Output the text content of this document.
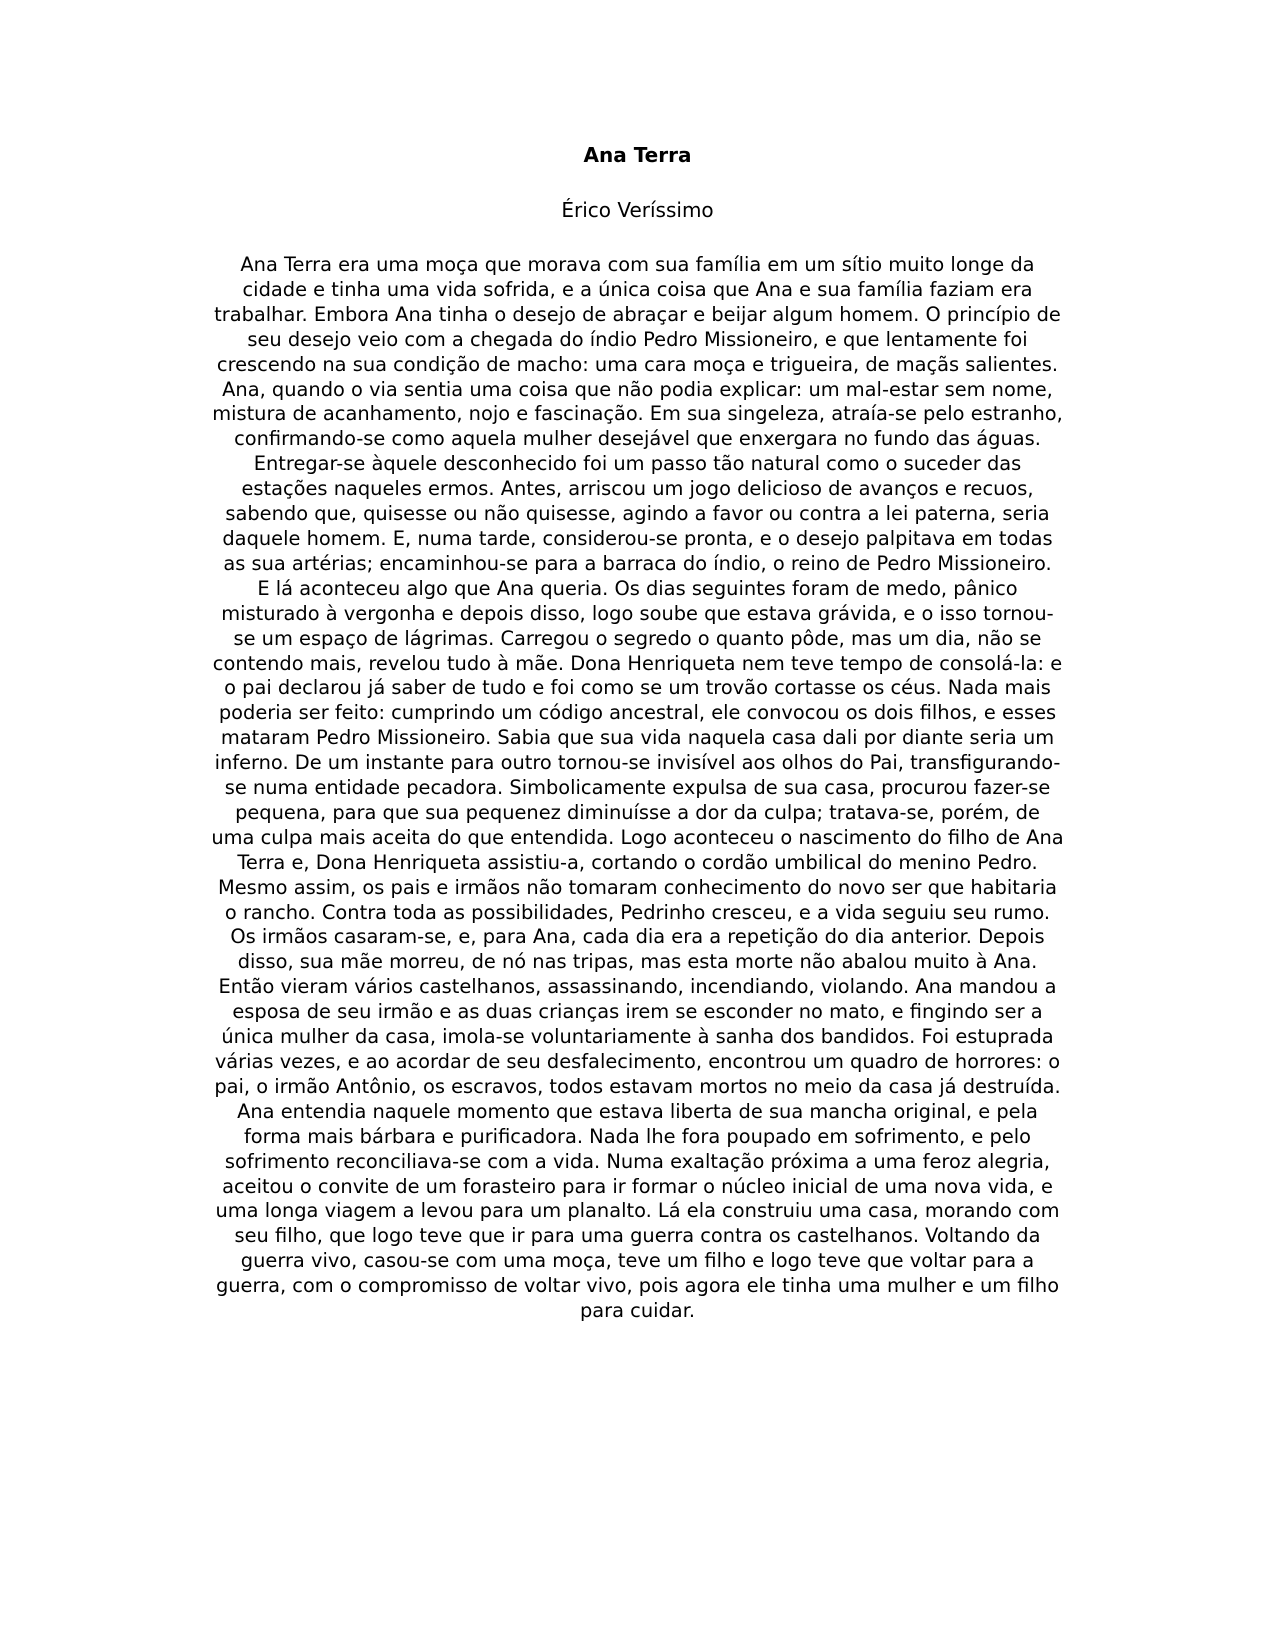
Ana Terra
Érico Veríssimo
Ana Terra era uma moça que morava com sua família em um sítio muito longe da
cidade e tinha uma vida sofrida, e a única coisa que Ana e sua família faziam era
trabalhar. Embora Ana tinha o desejo de abraçar e beijar algum homem. O princípio de
seu desejo veio com a chegada do índio Pedro Missioneiro, e que lentamente foi
crescendo na sua condição de macho: uma cara moça e trigueira, de maçãs salientes.
Ana, quando o via sentia uma coisa que não podia explicar: um mal-estar sem nome,
mistura de acanhamento, nojo e fascinação. Em sua singeleza, atraía-se pelo estranho,
confirmando-se como aquela mulher desejável que enxergara no fundo das águas.
Entregar-se àquele desconhecido foi um passo tão natural como o suceder das
estações naqueles ermos. Antes, arriscou um jogo delicioso de avanços e recuos,
sabendo que, quisesse ou não quisesse, agindo a favor ou contra a lei paterna, seria
daquele homem. E, numa tarde, considerou-se pronta, e o desejo palpitava em todas
as sua artérias; encaminhou-se para a barraca do índio, o reino de Pedro Missioneiro.
E lá aconteceu algo que Ana queria. Os dias seguintes foram de medo, pânico
misturado à vergonha e depois disso, logo soube que estava grávida, e o isso tornou-
se um espaço de lágrimas. Carregou o segredo o quanto pôde, mas um dia, não se
contendo mais, revelou tudo à mãe. Dona Henriqueta nem teve tempo de consolá-la: e
o pai declarou já saber de tudo e foi como se um trovão cortasse os céus. Nada mais
poderia ser feito: cumprindo um código ancestral, ele convocou os dois filhos, e esses
mataram Pedro Missioneiro. Sabia que sua vida naquela casa dali por diante seria um
inferno. De um instante para outro tornou-se invisível aos olhos do Pai, transfigurando-
se numa entidade pecadora. Simbolicamente expulsa de sua casa, procurou fazer-se
pequena, para que sua pequenez diminuísse a dor da culpa; tratava-se, porém, de
uma culpa mais aceita do que entendida. Logo aconteceu o nascimento do filho de Ana
Terra e, Dona Henriqueta assistiu-a, cortando o cordão umbilical do menino Pedro.
Mesmo assim, os pais e irmãos não tomaram conhecimento do novo ser que habitaria
o rancho. Contra toda as possibilidades, Pedrinho cresceu, e a vida seguiu seu rumo.
Os irmãos casaram-se, e, para Ana, cada dia era a repetição do dia anterior. Depois
disso, sua mãe morreu, de nó nas tripas, mas esta morte não abalou muito à Ana.
Então vieram vários castelhanos, assassinando, incendiando, violando. Ana mandou a
esposa de seu irmão e as duas crianças irem se esconder no mato, e fingindo ser a
única mulher da casa, imola-se voluntariamente à sanha dos bandidos. Foi estuprada
várias vezes, e ao acordar de seu desfalecimento, encontrou um quadro de horrores: o
pai, o irmão Antônio, os escravos, todos estavam mortos no meio da casa já destruída.
Ana entendia naquele momento que estava liberta de sua mancha original, e pela
forma mais bárbara e purificadora. Nada lhe fora poupado em sofrimento, e pelo
sofrimento reconciliava-se com a vida. Numa exaltação próxima a uma feroz alegria,
aceitou o convite de um forasteiro para ir formar o núcleo inicial de uma nova vida, e
uma longa viagem a levou para um planalto. Lá ela construiu uma casa, morando com
seu filho, que logo teve que ir para uma guerra contra os castelhanos. Voltando da
guerra vivo, casou-se com uma moça, teve um filho e logo teve que voltar para a
guerra, com o compromisso de voltar vivo, pois agora ele tinha uma mulher e um filho
para cuidar.
